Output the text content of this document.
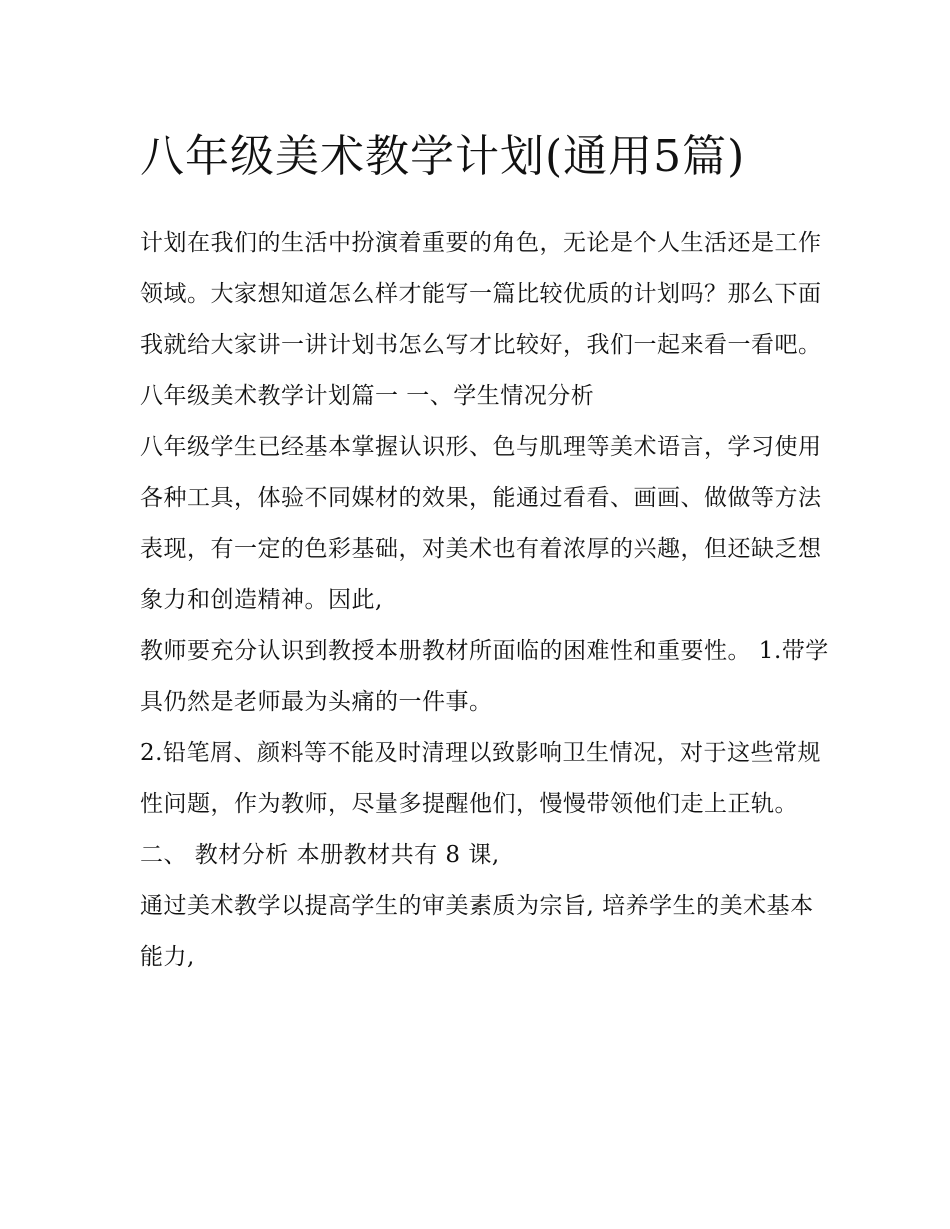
八年级美术教学计划(通用5篇)

计划在我们的生活中扮演着重要的角色，无论是个人生活还是工作领域。大家想知道怎么样才能写一篇比较优质的计划吗？那么下面我就给大家讲一讲计划书怎么写才比较好，我们一起来看一看吧。

八年级美术教学计划篇一 一、学生情况分析

八年级学生已经基本掌握认识形、色与肌理等美术语言，学习使用各种工具，体验不同媒材的效果，能通过看看、画画、做做等方法表现，有一定的色彩基础，对美术也有着浓厚的兴趣，但还缺乏想象力和创造精神。因此,

教师要充分认识到教授本册教材所面临的困难性和重要性。 1.带学具仍然是老师最为头痛的一件事。

2.铅笔屑、颜料等不能及时清理以致影响卫生情况，对于这些常规性问题，作为教师，尽量多提醒他们，慢慢带领他们走上正轨。 二、 教材分析 本册教材共有 8 课,

通过美术教学以提高学生的审美素质为宗旨, 培养学生的美术基本能力,
